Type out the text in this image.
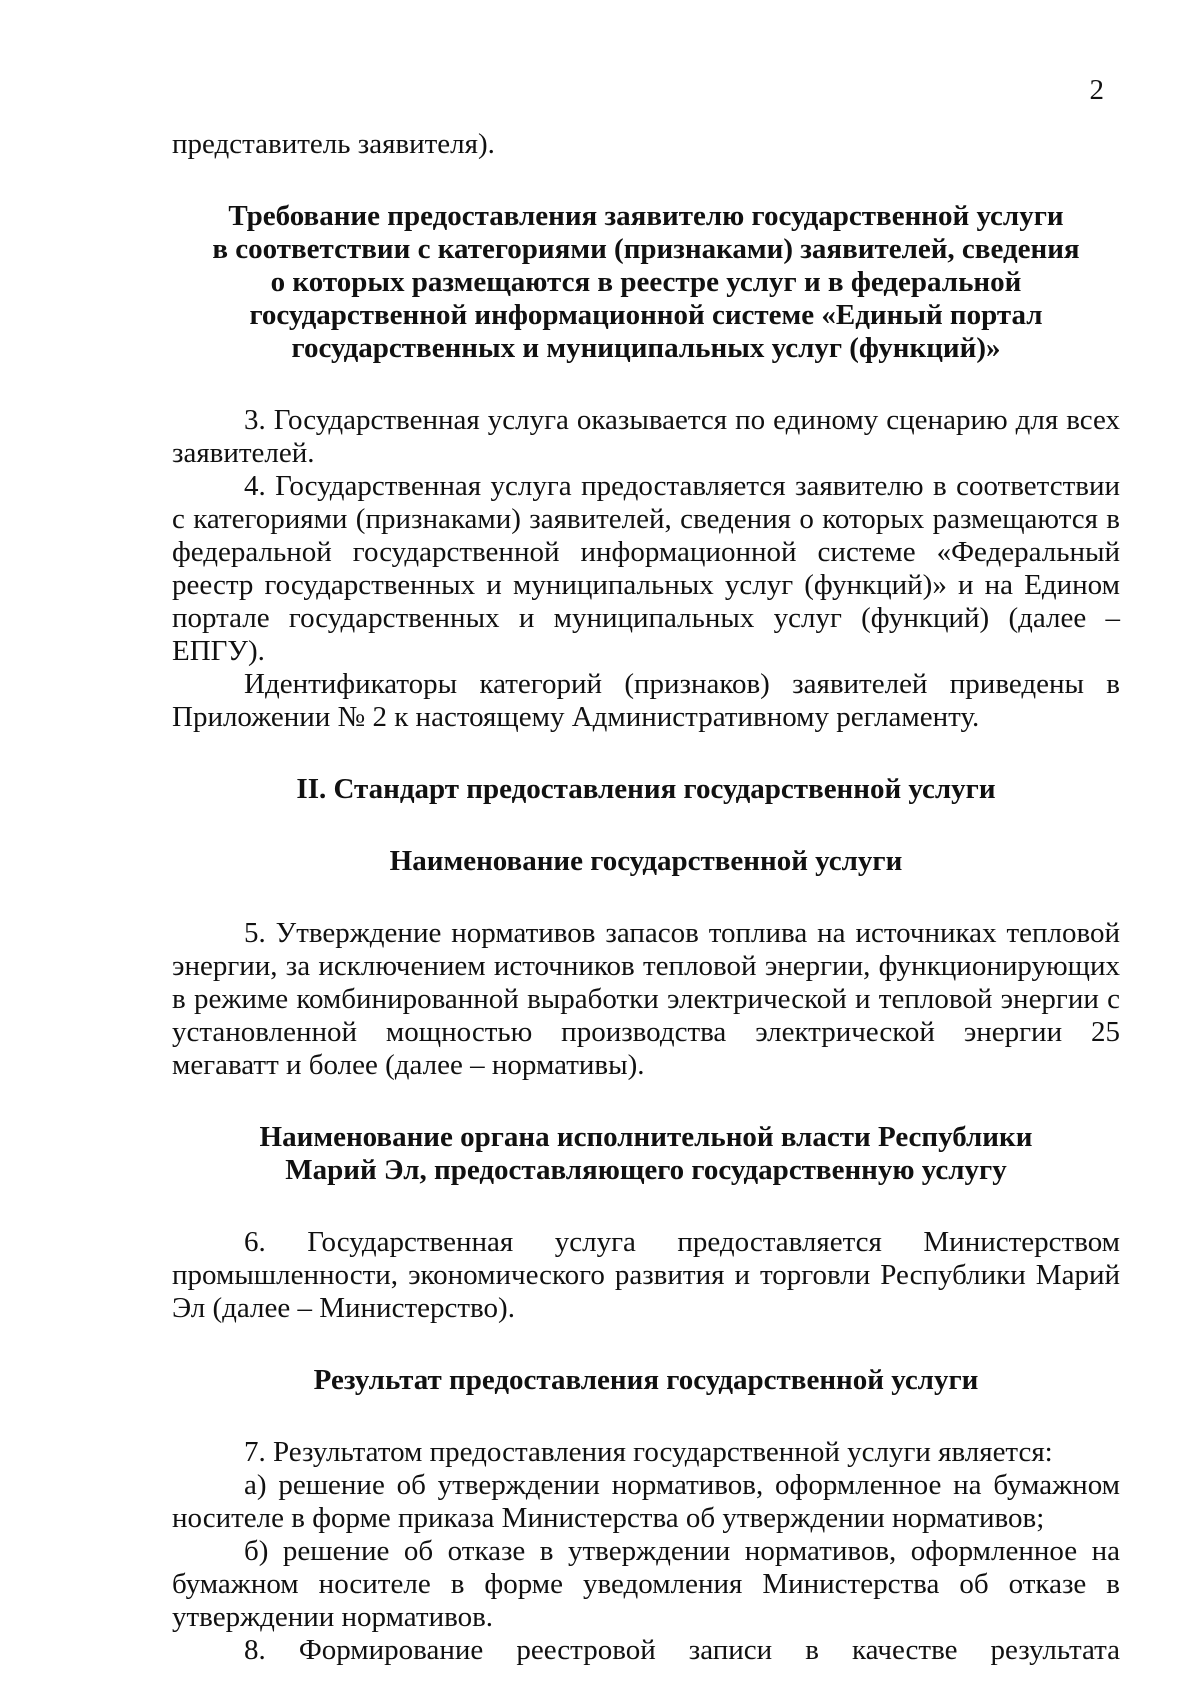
2

представитель заявителя).

Требование предоставления заявителю государственной услуги
в соответствии с категориями (признаками) заявителей, сведения
о которых размещаются в реестре услуг и в федеральной
государственной информационной системе «Единый портал
государственных и муниципальных услуг (функций)»

3. Государственная услуга оказывается по единому сценарию для всех заявителей.

4. Государственная услуга предоставляется заявителю в соответствии с категориями (признаками) заявителей, сведения о которых размещаются в федеральной государственной информационной системе «Федеральный реестр государственных и муниципальных услуг (функций)» и на Едином портале государственных и муниципальных услуг (функций) (далее – ЕПГУ).

Идентификаторы категорий (признаков) заявителей приведены в Приложении № 2 к настоящему Административному регламенту.

II. Стандарт предоставления государственной услуги

Наименование государственной услуги

5. Утверждение нормативов запасов топлива на источниках тепловой энергии, за исключением источников тепловой энергии, функционирующих в режиме комбинированной выработки электрической и тепловой энергии с установленной мощностью производства электрической энергии 25 мегаватт и более (далее – нормативы).

Наименование органа исполнительной власти Республики
Марий Эл, предоставляющего государственную услугу

6. Государственная услуга предоставляется Министерством промышленности, экономического развития и торговли Республики Марий Эл (далее – Министерство).

Результат предоставления государственной услуги

7. Результатом предоставления государственной услуги является:

а) решение об утверждении нормативов, оформленное на бумажном носителе в форме приказа Министерства об утверждении нормативов;

б) решение об отказе в утверждении нормативов, оформленное на бумажном носителе в форме уведомления Министерства об отказе в утверждении нормативов.

8. Формирование реестровой записи в качестве результата
